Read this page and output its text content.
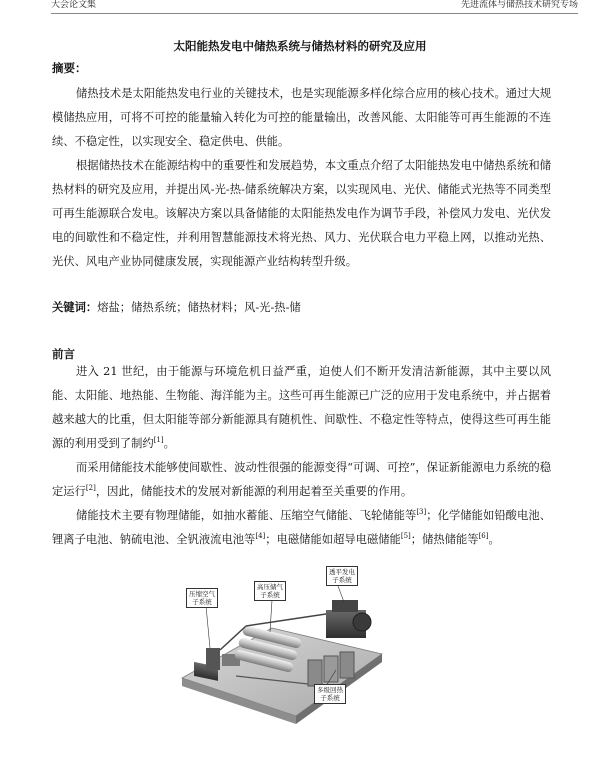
大会论文集	先进流体与储热技术研究专场
太阳能热发电中储热系统与储热材料的研究及应用
摘要：

储热技术是太阳能热发电行业的关键技术，也是实现能源多样化综合应用的核心技术。通过大规模储热应用，可将不可控的能量输入转化为可控的能量输出，改善风能、太阳能等可再生能源的不连续、不稳定性，以实现安全、稳定供电、供能。

根据储热技术在能源结构中的重要性和发展趋势，本文重点介绍了太阳能热发电中储热系统和储热材料的研究及应用，并提出风-光-热-储系统解决方案，以实现风电、光伏、储能式光热等不同类型可再生能源联合发电。该解决方案以具备储能的太阳能热发电作为调节手段，补偿风力发电、光伏发电的间歇性和不稳定性，并利用智慧能源技术将光热、风力、光伏联合电力平稳上网，以推动光热、光伏、风电产业协同健康发展，实现能源产业结构转型升级。

关键词：熔盐；储热系统；储热材料；风-光-热-储
前言

进入 21 世纪，由于能源与环境危机日益严重，迫使人们不断开发清洁新能源，其中主要以风能、太阳能、地热能、生物能、海洋能为主。这些可再生能源已广泛的应用于发电系统中，并占据着越来越大的比重，但太阳能等部分新能源具有随机性、间歇性、不稳定性等特点，使得这些可再生能源的利用受到了制约[1]。

而采用储能技术能够使间歇性、波动性很强的能源变得“可调、可控”，保证新能源电力系统的稳定运行[2]，因此，储能技术的发展对新能源的利用起着至关重要的作用。

储能技术主要有物理储能，如抽水蓄能、压缩空气储能、飞轮储能等[3]；化学储能如铅酸电池、锂离子电池、钠硫电池、全钒液流电池等[4]；电磁储能如超导电磁储能[5]；储热储能等[6]。

压缩空气
子系统
高压储气
子系统
透平发电
子系统
多级回热
子系统
